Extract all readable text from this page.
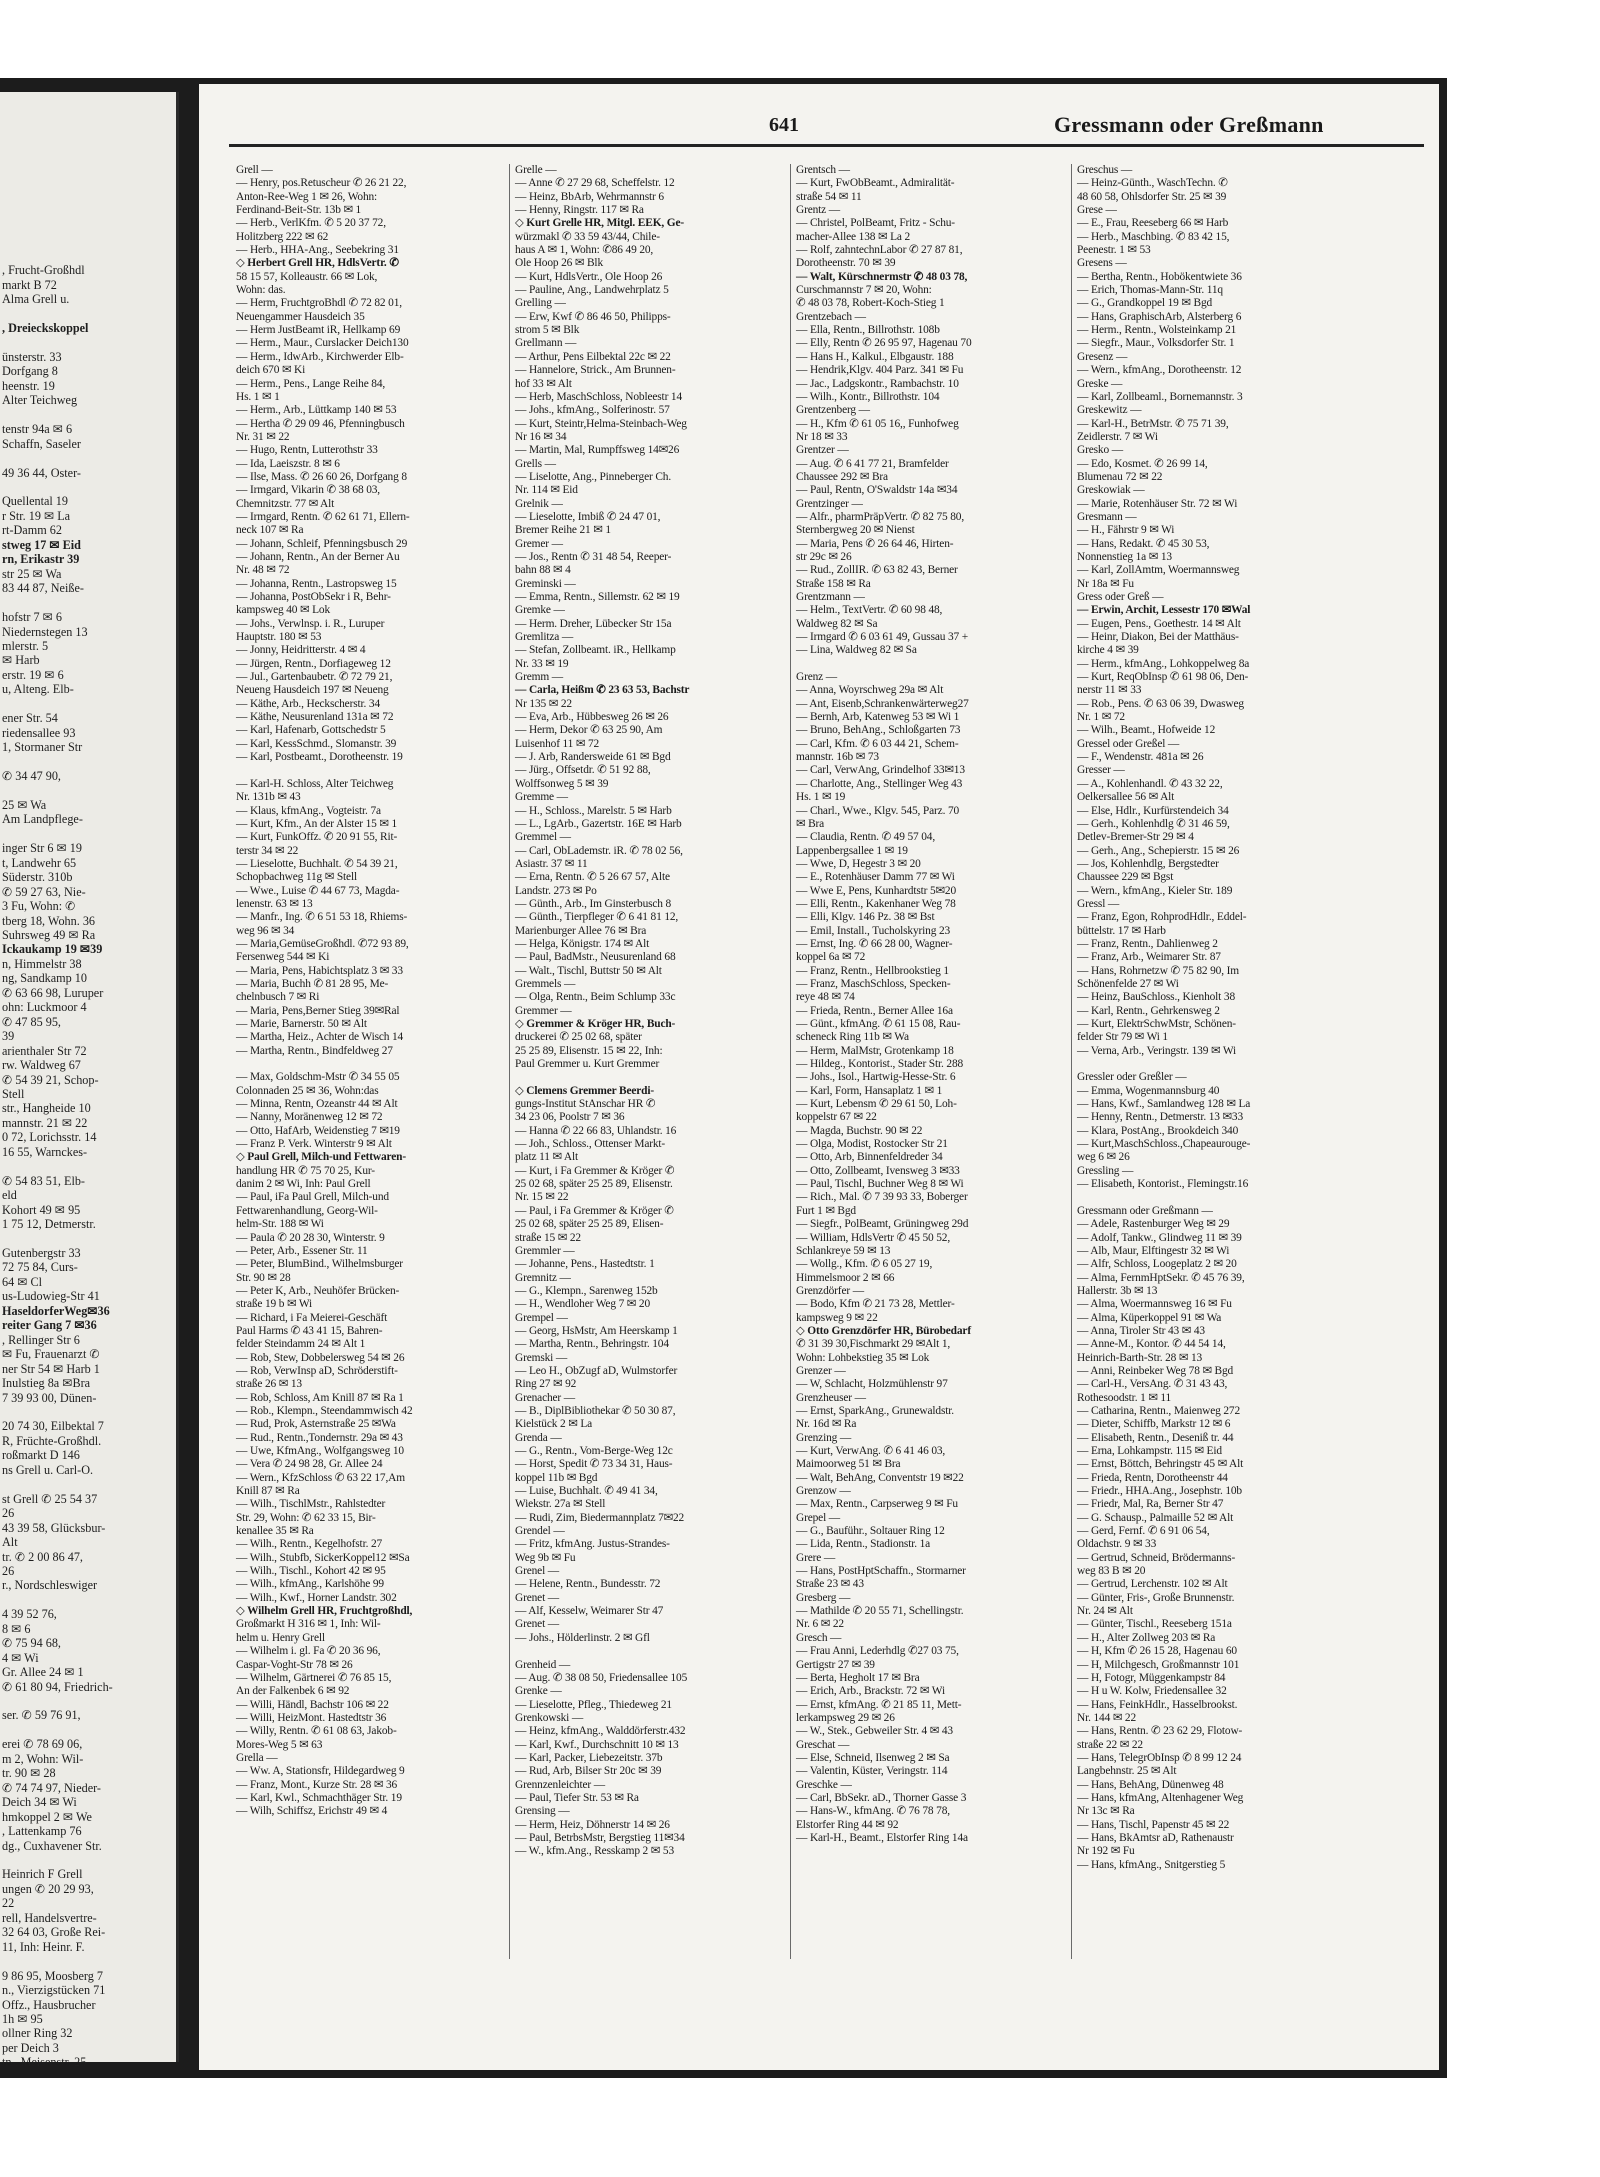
, Frucht-Großhdl
markt B 72
Alma Grell u.

, Dreieckskoppel

ünsterstr. 33
Dorfgang 8
heenstr. 19
Alter Teichweg

tenstr 94a ✉ 6
Schaffn, Saseler

49 36 44, Oster-

Quellental 19
r Str. 19 ✉ La
rt-Damm 62
stweg 17 ✉ Eid
rn, Erikastr 39
str 25 ✉ Wa
83 44 87, Neiße-

hofstr 7 ✉ 6
Niedernstegen 13
mlerstr. 5
✉ Harb
erstr. 19 ✉ 6
u, Alteng. Elb-

ener Str. 54
riedensallee 93
1, Stormaner Str

✆ 34 47 90,

25 ✉ Wa
Am Landpflege-

inger Str 6 ✉ 19
t, Landwehr 65
Süderstr. 310b
✆ 59 27 63, Nie-
3 Fu, Wohn: ✆
tberg 18, Wohn. 36
Suhrsweg 49 ✉ Ra
Ickaukamp 19 ✉39
n, Himmelstr 38
ng, Sandkamp 10
✆ 63 66 98, Luruper
ohn: Luckmoor 4
✆ 47 85 95,
39
arienthaler Str 72
rw. Waldweg 67
✆ 54 39 21, Schop-
Stell
str., Hangheide 10
mannstr. 21 ✉ 22
0 72, Lorichsstr. 14
16 55, Warnckes-

✆ 54 83 51, Elb-
eld
Kohort 49 ✉ 95
1 75 12, Detmerstr.

Gutenbergstr 33
72 75 84, Curs-
64 ✉ Cl
us-Ludowieg-Str 41
HaseldorferWeg✉36
reiter Gang 7 ✉36
, Rellinger Str 6
✉ Fu, Frauenarzt ✆
ner Str 54 ✉ Harb 1
Inulstieg 8a ✉Bra
7 39 93 00, Dünen-

20 74 30, Eilbektal 7
R, Früchte-Großhdl.
roßmarkt D 146
ns Grell u. Carl-O.

st Grell ✆ 25 54 37
26
43 39 58, Glücksbur-
Alt
tr. ✆ 2 00 86 47,
26
r., Nordschleswiger

4 39 52 76,
8 ✉ 6
✆ 75 94 68,
4 ✉ Wi
Gr. Allee 24 ✉ 1
✆ 61 80 94, Friedrich-

ser. ✆ 59 76 91,

erei ✆ 78 69 06,
m 2, Wohn: Wil-
tr. 90 ✉ 28
✆ 74 74 97, Nieder-
Deich 34 ✉ Wi
hmkoppel 2 ✉ We
, Lattenkamp 76
dg., Cuxhavener Str.

Heinrich F Grell
ungen ✆ 20 29 93,
22
rell, Handelsvertre-
32 64 03, Große Rei-
11, Inh: Heinr. F.

9 86 95, Moosberg 7
n., Vierzigstücken 71
Offz., Hausbrucher
1h ✉ 95
ollner Ring 32
per Deich 3
tn., Meisenstr. 25
641	Gressmann oder Greßmann
Grell —
— Henry, pos.Retuscheur ✆ 26 21 22,
Anton-Ree-Weg 1 ✉ 26, Wohn:
Ferdinand-Beit-Str. 13b ✉ 1
— Herb., VerlKfm. ✆ 5 20 37 72,
Holitzberg 222 ✉ 62
— Herb., HHA-Ang., Seebekring 31
◇ Herbert Grell HR, HdlsVertr. ✆
58 15 57, Kolleaustr. 66 ✉ Lok,
Wohn: das.
— Herm, FruchtgroBhdl ✆ 72 82 01,
Neuengammer Hausdeich 35
— Herm JustBeamt iR, Hellkamp 69
— Herm., Maur., Curslacker Deich130
— Herm., IdwArb., Kirchwerder Elb-
deich 670 ✉ Ki
— Herm., Pens., Lange Reihe 84,
Hs. 1 ✉ 1
— Herm., Arb., Lüttkamp 140 ✉ 53
— Hertha ✆ 29 09 46, Pfenningbusch
Nr. 31 ✉ 22
— Hugo, Rentn, Lutterothstr 33
— Ida, Laeiszstr. 8 ✉ 6
— Ilse, Mass. ✆ 26 60 26, Dorfgang 8
— Irmgard, Vikarin ✆ 38 68 03,
Chemnitzstr. 77 ✉ Alt
— Irmgard, Rentn. ✆ 62 61 71, Ellern-
neck 107 ✉ Ra
— Johann, Schleif, Pfenningsbusch 29
— Johann, Rentn., An der Berner Au
Nr. 48 ✉ 72
— Johanna, Rentn., Lastropsweg 15
— Johanna, PostObSekr i R, Behr-
kampsweg 40 ✉ Lok
— Johs., Verwlnsp. i. R., Luruper
Hauptstr. 180 ✉ 53
— Jonny, Heidritterstr. 4 ✉ 4
— Jürgen, Rentn., Dorfiageweg 12
— Jul., Gartenbaubetr. ✆ 72 79 21,
Neueng Hausdeich 197 ✉ Neueng
— Käthe, Arb., Heckscherstr. 34
— Käthe, Neusurenland 131a ✉ 72
— Karl, Hafenarb, Gottschedstr 5
— Karl, KessSchmd., Slomanstr. 39
— Karl, Postbeamt., Dorotheenstr. 19

— Karl-H. Schloss, Alter Teichweg
Nr. 131b ✉ 43
— Klaus, kfmAng., Vogteistr. 7a
— Kurt, Kfm., An der Alster 15 ✉ 1
— Kurt, FunkOffz. ✆ 20 91 55, Rit-
terstr 34 ✉ 22
— Lieselotte, Buchhalt. ✆ 54 39 21,
Schopbachweg 11g ✉ Stell
— Wwe., Luise ✆ 44 67 73, Magda-
lenenstr. 63 ✉ 13
— Manfr., Ing. ✆ 6 51 53 18, Rhiems-
weg 96 ✉ 34
— Maria,GemüseGroßhdl. ✆72 93 89,
Fersenweg 544 ✉ Ki
— Maria, Pens, Habichtsplatz 3 ✉ 33
— Maria, Buchh ✆ 81 28 95, Me-
chelnbusch 7 ✉ Ri
— Maria, Pens,Berner Stieg 39✉Ral
— Marie, Barnerstr. 50 ✉ Alt
— Martha, Heiz., Achter de Wisch 14
— Martha, Rentn., Bindfeldweg 27

— Max, Goldschm-Mstr ✆ 34 55 05
Colonnaden 25 ✉ 36, Wohn:das
— Minna, Rentn, Ozeanstr 44 ✉ Alt
— Nanny, Moränenweg 12 ✉ 72
— Otto, HafArb, Weidenstieg 7 ✉19
— Franz P. Verk. Winterstr 9 ✉ Alt
◇ Paul Grell, Milch-und Fettwaren-
handlung HR ✆ 75 70 25, Kur-
danim 2 ✉ Wi, Inh: Paul Grell
— Paul, iFa Paul Grell, Milch-und
Fettwarenhandlung, Georg-Wil-
helm-Str. 188 ✉ Wi
— Paula ✆ 20 28 30, Winterstr. 9
— Peter, Arb., Essener Str. 11
— Peter, BlumBind., Wilhelmsburger
Str. 90 ✉ 28
— Peter K, Arb., Neuhöfer Brücken-
straße 19 b ✉ Wi
— Richard, i Fa Meierei-Geschäft
Paul Harms ✆ 43 41 15, Bahren-
felder Steindamm 24 ✉ Alt 1
— Rob, Stew, Dobbelersweg 54 ✉ 26
— Rob, VerwInsp aD, Schröderstift-
straße 26 ✉ 13
— Rob, Schloss, Am Knill 87 ✉ Ra 1
— Rob., Klempn., Steendammwisch 42
— Rud, Prok, Asternstraße 25 ✉Wa
— Rud., Rentn.,Tondernstr. 29a ✉ 43
— Uwe, KfmAng., Wolfgangsweg 10
— Vera ✆ 24 98 28, Gr. Allee 24
— Wern., KfzSchloss ✆ 63 22 17,Am
Knill 87 ✉ Ra
— Wilh., TischlMstr., Rahlstedter
Str. 29, Wohn: ✆ 62 33 15, Bir-
kenallee 35 ✉ Ra
— Wilh., Rentn., Kegelhofstr. 27
— Wilh., Stubfb, SickerKoppel12 ✉Sa
— Wilh., Tischl., Kohort 42 ✉ 95
— Wilh., kfmAng., Karlshöhe 99
— Wilh., Kwf., Horner Landstr. 302
◇ Wilhelm Grell HR, Fruchtgroßhdl,
Großmarkt H 316 ✉ 1, Inh: Wil-
helm u. Henry Grell
— Wilhelm i. gl. Fa ✆ 20 36 96,
Caspar-Voght-Str 78 ✉ 26
— Wilhelm, Gärtnerei ✆ 76 85 15,
An der Falkenbek 6 ✉ 92
— Willi, Händl, Bachstr 106 ✉ 22
— Willi, HeizMont. Hastedtstr 36
— Willy, Rentn. ✆ 61 08 63, Jakob-
Mores-Weg 5 ✉ 63
Grella —
— Ww. A, Stationsfr, Hildegardweg 9
— Franz, Mont., Kurze Str. 28 ✉ 36
— Karl, Kwl., Schmachthäger Str. 19
— Wilh, Schiffsz, Erichstr 49 ✉ 4
Grelle —
— Anne ✆ 27 29 68, Scheffelstr. 12
— Heinz, BbArb, Wehrmannstr 6
— Henny, Ringstr. 117 ✉ Ra
◇ Kurt Grelle HR, Mitgl. EEK, Ge-
würzmakl ✆ 33 59 43/44, Chile-
haus A ✉ 1, Wohn: ✆86 49 20,
Ole Hoop 26 ✉ Blk
— Kurt, HdlsVertr., Ole Hoop 26
— Pauline, Ang., Landwehrplatz 5
Grelling —
— Erw, Kwf ✆ 86 46 50, Philipps-
strom 5 ✉ Blk
Grellmann —
— Arthur, Pens Eilbektal 22c ✉ 22
— Hannelore, Strick., Am Brunnen-
hof 33 ✉ Alt
— Herb, MaschSchloss, Nobleestr 14
— Johs., kfmAng., Solferinostr. 57
— Kurt, Steintr,Helma-Steinbach-Weg
Nr 16 ✉ 34
— Martin, Mal, Rumpffsweg 14✉26
Grells —
— Liselotte, Ang., Pinneberger Ch.
Nr. 114 ✉ Eid
Grelnik —
— Lieselotte, Imbiß ✆ 24 47 01,
Bremer Reihe 21 ✉ 1
Gremer —
— Jos., Rentn ✆ 31 48 54, Reeper-
bahn 88 ✉ 4
Greminski —
— Emma, Rentn., Sillemstr. 62 ✉ 19
Gremke —
— Herm. Dreher, Lübecker Str 15a
Gremlitza —
— Stefan, Zollbeamt. iR., Hellkamp
Nr. 33 ✉ 19
Gremm —
— Carla, Heißm ✆ 23 63 53, Bachstr
Nr 135 ✉ 22
— Eva, Arb., Hübbesweg 26 ✉ 26
— Herm, Dekor ✆ 63 25 90, Am
Luisenhof 11 ✉ 72
— J. Arb, Randersweide 61 ✉ Bgd
— Jürg., Offsetdr. ✆ 51 92 88,
Wolffsonweg 5 ✉ 39
Gremme —
— H., Schloss., Marelstr. 5 ✉ Harb
— L., LgArb., Gazertstr. 16E ✉ Harb
Gremmel —
— Carl, ObLademstr. iR. ✆ 78 02 56,
Asiastr. 37 ✉ 11
— Erna, Rentn. ✆ 5 26 67 57, Alte
Landstr. 273 ✉ Po
— Günth., Arb., Im Ginsterbusch 8
— Günth., Tierpfleger ✆ 6 41 81 12,
Marienburger Allee 76 ✉ Bra
— Helga, Königstr. 174 ✉ Alt
— Paul, BadMstr., Neusurenland 68
— Walt., Tischl, Buttstr 50 ✉ Alt
Gremmels —
— Olga, Rentn., Beim Schlump 33c
Gremmer —
◇ Gremmer & Kröger HR, Buch-
druckerei ✆ 25 02 68, später
25 25 89, Elisenstr. 15 ✉ 22, Inh:
Paul Gremmer u. Kurt Gremmer

◇ Clemens Gremmer Beerdi-
gungs-Institut StAnschar HR ✆
34 23 06, Poolstr 7 ✉ 36
— Hanna ✆ 22 66 83, Uhlandstr. 16
— Joh., Schloss., Ottenser Markt-
platz 11 ✉ Alt
— Kurt, i Fa Gremmer & Kröger ✆
25 02 68, später 25 25 89, Elisenstr.
Nr. 15 ✉ 22
— Paul, i Fa Gremmer & Kröger ✆
25 02 68, später 25 25 89, Elisen-
straße 15 ✉ 22
Gremmler —
— Johanne, Pens., Hastedtstr. 1
Gremnitz —
— G., Klempn., Sarenweg 152b
— H., Wendloher Weg 7 ✉ 20
Grempel —
— Georg, HsMstr, Am Heerskamp 1
— Martha, Rentn., Behringstr. 104
Gremski —
— Leo H., ObZugf aD, Wulmstorfer
Ring 27 ✉ 92
Grenacher —
— B., DiplBibliothekar ✆ 50 30 87,
Kielstück 2 ✉ La
Grenda —
— G., Rentn., Vom-Berge-Weg 12c
— Horst, Spedit ✆ 73 34 31, Haus-
koppel 11b ✉ Bgd
— Luise, Buchhalt. ✆ 49 41 34,
Wiekstr. 27a ✉ Stell
— Rudi, Zim, Biedermannplatz 7✉22
Grendel —
— Fritz, kfmAng. Justus-Strandes-
Weg 9b ✉ Fu
Grenel —
— Helene, Rentn., Bundesstr. 72
Grenet —
— Alf, Kesselw, Weimarer Str 47
Grenet —
— Johs., Hölderlinstr. 2 ✉ Gfl

Grenheid —
— Aug. ✆ 38 08 50, Friedensallee 105
Grenke —
— Lieselotte, Pfleg., Thiedeweg 21
Grenkowski —
— Heinz, kfmAng., Walddörferstr.432
— Karl, Kwf., Durchschnitt 10 ✉ 13
— Karl, Packer, Liebezeitstr. 37b
— Rud, Arb, Bilser Str 20c ✉ 39
Grennzenleichter —
— Paul, Tiefer Str. 53 ✉ Ra
Grensing —
— Herm, Heiz, Döhnerstr 14 ✉ 26
— Paul, BetrbsMstr, Bergstieg 11✉34
— W., kfm.Ang., Resskamp 2 ✉ 53
Grentsch —
— Kurt, FwObBeamt., Admiralität-
straße 54 ✉ 11
Grentz —
— Christel, PolBeamt, Fritz - Schu-
macher-Allee 138 ✉ La 2
— Rolf, zahntechnLabor ✆ 27 87 81,
Dorotheenstr. 70 ✉ 39
— Walt, Kürschnermstr ✆ 48 03 78,
Curschmannstr 7 ✉ 20, Wohn:
✆ 48 03 78, Robert-Koch-Stieg 1
Grentzebach —
— Ella, Rentn., Billrothstr. 108b
— Elly, Rentn ✆ 26 95 97, Hagenau 70
— Hans H., Kalkul., Elbgaustr. 188
— Hendrik,Klgv. 404 Parz. 341 ✉ Fu
— Jac., Ladgskontr., Rambachstr. 10
— Wilh., Kontr., Billrothstr. 104
Grentzenberg —
— H., Kfm ✆ 61 05 16,, Funhofweg
Nr 18 ✉ 33
Grentzer —
— Aug. ✆ 6 41 77 21, Bramfelder
Chaussee 292 ✉ Bra
— Paul, Rentn, O'Swaldstr 14a ✉34
Grentzinger —
— Alfr., pharmPräpVertr. ✆ 82 75 80,
Sternbergweg 20 ✉ Nienst
— Maria, Pens ✆ 26 64 46, Hirten-
str 29c ✉ 26
— Rud., ZollIR. ✆ 63 82 43, Berner
Straße 158 ✉ Ra
Grentzmann —
— Helm., TextVertr. ✆ 60 98 48,
Waldweg 82 ✉ Sa
— Irmgard ✆ 6 03 61 49, Gussau 37 +
— Lina, Waldweg 82 ✉ Sa

Grenz —
— Anna, Woyrschweg 29a ✉ Alt
— Ant, Eisenb,Schrankenwärterweg27
— Bernh, Arb, Katenweg 53 ✉ Wi 1
— Bruno, BehAng., Schloßgarten 73
— Carl, Kfm. ✆ 6 03 44 21, Schem-
mannstr. 16b ✉ 73
— Carl, VerwAng, Grindelhof 33✉13
— Charlotte, Ang., Stellinger Weg 43
Hs. 1 ✉ 19
— Charl., Wwe., Klgv. 545, Parz. 70
✉ Bra
— Claudia, Rentn. ✆ 49 57 04,
Lappenbergsallee 1 ✉ 19
— Wwe, D, Hegestr 3 ✉ 20
— E., Rotenhäuser Damm 77 ✉ Wi
— Wwe E, Pens, Kunhardtstr 5✉20
— Elli, Rentn., Kakenhaner Weg 78
— Elli, Klgv. 146 Pz. 38 ✉ Bst
— Emil, Install., Tucholskyring 23
— Ernst, Ing. ✆ 66 28 00, Wagner-
koppel 6a ✉ 72
— Franz, Rentn., Hellbrookstieg 1
— Franz, MaschSchloss, Specken-
reye 48 ✉ 74
— Frieda, Rentn., Berner Allee 16a
— Günt., kfmAng. ✆ 61 15 08, Rau-
scheneck Ring 11b ✉ Wa
— Herm, MalMstr, Grotenkamp 18
— Hildeg., Kontorist., Stader Str. 288
— Johs., Isol., Hartwig-Hesse-Str. 6
— Karl, Form, Hansaplatz 1 ✉ 1
— Kurt, Lebensm ✆ 29 61 50, Loh-
koppelstr 67 ✉ 22
— Magda, Buchstr. 90 ✉ 22
— Olga, Modist, Rostocker Str 21
— Otto, Arb, Binnenfeldreder 34
— Otto, Zollbeamt, Ivensweg 3 ✉33
— Paul, Tischl, Buchner Weg 8 ✉ Wi
— Rich., Mal. ✆ 7 39 93 33, Boberger
Furt 1 ✉ Bgd
— Siegfr., PolBeamt, Grüningweg 29d
— William, HdlsVertr ✆ 45 50 52,
Schlankreye 59 ✉ 13
— Wollg., Kfm. ✆ 6 05 27 19,
Himmelsmoor 2 ✉ 66
Grenzdörfer —
— Bodo, Kfm ✆ 21 73 28, Mettler-
kampsweg 9 ✉ 22
◇ Otto Grenzdörfer HR, Bürobedarf
✆ 31 39 30,Fischmarkt 29 ✉Alt 1,
Wohn: Lohbekstieg 35 ✉ Lok
Grenzer —
— W, Schlacht, Holzmühlenstr 97
Grenzheuser —
— Ernst, SparkAng., Grunewaldstr.
Nr. 16d ✉ Ra
Grenzing —
— Kurt, VerwAng. ✆ 6 41 46 03,
Maimoorweg 51 ✉ Bra
— Walt, BehAng, Conventstr 19 ✉22
Grenzow —
— Max, Rentn., Carpserweg 9 ✉ Fu
Grepel —
— G., Bauführ., Soltauer Ring 12
— Lida, Rentn., Stadionstr. 1a
Grere —
— Hans, PostHptSchaffn., Stormarner
Straße 23 ✉ 43
Gresberg —
— Mathilde ✆ 20 55 71, Schellingstr.
Nr. 6 ✉ 22
Gresch —
— Frau Anni, Lederhdlg ✆27 03 75,
Gertigstr 27 ✉ 39
— Berta, Hegholt 17 ✉ Bra
— Erich, Arb., Brackstr. 72 ✉ Wi
— Ernst, kfmAng. ✆ 21 85 11, Mett-
lerkampsweg 29 ✉ 26
— W., Stek., Gebweiler Str. 4 ✉ 43
Greschat —
— Else, Schneid, Ilsenweg 2 ✉ Sa
— Valentin, Küster, Veringstr. 114
Greschke —
— Carl, BbSekr. aD., Thorner Gasse 3
— Hans-W., kfmAng. ✆ 76 78 78,
Elstorfer Ring 44 ✉ 92
— Karl-H., Beamt., Elstorfer Ring 14a
Greschus —
— Heinz-Günth., WaschTechn. ✆
48 60 58, Ohlsdorfer Str. 25 ✉ 39
Grese —
— E., Frau, Reeseberg 66 ✉ Harb
— Herb., Maschbing. ✆ 83 42 15,
Peenestr. 1 ✉ 53
Gresens —
— Bertha, Rentn., Hobökentwiete 36
— Erich, Thomas-Mann-Str. 11q
— G., Grandkoppel 19 ✉ Bgd
— Hans, GraphischArb, Alsterberg 6
— Herm., Rentn., Wolsteinkamp 21
— Siegfr., Maur., Volksdorfer Str. 1
Gresenz —
— Wern., kfmAng., Dorotheenstr. 12
Greske —
— Karl, Zollbeaml., Bornemannstr. 3
Greskewitz —
— Karl-H., BetrMstr. ✆ 75 71 39,
Zeidlerstr. 7 ✉ Wi
Gresko —
— Edo, Kosmet. ✆ 26 99 14,
Blumenau 72 ✉ 22
Greskowiak —
— Marie, Rotenhäuser Str. 72 ✉ Wi
Gresmann —
— H., Fährstr 9 ✉ Wi
— Hans, Redakt. ✆ 45 30 53,
Nonnenstieg 1a ✉ 13
— Karl, ZollAmtm, Woermannsweg
Nr 18a ✉ Fu
Gress oder Greß —
— Erwin, Archit, Lessestr 170 ✉Wal
— Eugen, Pens., Goethestr. 14 ✉ Alt
— Heinr, Diakon, Bei der Matthäus-
kirche 4 ✉ 39
— Herm., kfmAng., Lohkoppelweg 8a
— Kurt, ReqObInsp ✆ 61 98 06, Den-
nerstr 11 ✉ 33
— Rob., Pens. ✆ 63 06 39, Dwasweg
Nr. 1 ✉ 72
— Wilh., Beamt., Hofweide 12
Gressel oder Greßel —
— F., Wendenstr. 481a ✉ 26
Gresser —
— A., Kohlenhandl. ✆ 43 32 22,
Oelkersallee 56 ✉ Alt
— Else, Hdlr., Kurfürstendeich 34
— Gerh., Kohlenhdlg ✆ 31 46 59,
Detlev-Bremer-Str 29 ✉ 4
— Gerh., Ang., Schepierstr. 15 ✉ 26
— Jos, Kohlenhdlg, Bergstedter
Chaussee 229 ✉ Bgst
— Wern., kfmAng., Kieler Str. 189
Gressl —
— Franz, Egon, RohprodHdlr., Eddel-
büttelstr. 17 ✉ Harb
— Franz, Rentn., Dahlienweg 2
— Franz, Arb., Weimarer Str. 87
— Hans, Rohrnetzw ✆ 75 82 90, Im
Schönenfelde 27 ✉ Wi
— Heinz, BauSchloss., Kienholt 38
— Karl, Rentn., Gehrkensweg 2
— Kurt, ElektrSchwMstr, Schönen-
felder Str 79 ✉ Wi 1
— Verna, Arb., Veringstr. 139 ✉ Wi

Gressler oder Greßler —
— Emma, Wogenmannsburg 40
— Hans, Kwf., Samlandweg 128 ✉ La
— Henny, Rentn., Detmerstr. 13 ✉33
— Klara, PostAng., Brookdeich 340
— Kurt,MaschSchloss.,Chapeaurouge-
weg 6 ✉ 26
Gressling —
— Elisabeth, Kontorist., Flemingstr.16

Gressmann oder Greßmann —
— Adele, Rastenburger Weg ✉ 29
— Adolf, Tankw., Glindweg 11 ✉ 39
— Alb, Maur, Elftingestr 32 ✉ Wi
— Alfr, Schloss, Loogeplatz 2 ✉ 20
— Alma, FernmHptSekr. ✆ 45 76 39,
Hallerstr. 3b ✉ 13
— Alma, Woermannsweg 16 ✉ Fu
— Alma, Küperkoppel 91 ✉ Wa
— Anna, Tiroler Str 43 ✉ 43
— Anne-M., Kontor. ✆ 44 54 14,
Heinrich-Barth-Str. 28 ✉ 13
— Anni, Reinbeker Weg 78 ✉ Bgd
— Carl-H., VersAng. ✆ 31 43 43,
Rothesoodstr. 1 ✉ 11
— Catharina, Rentn., Maienweg 272
— Dieter, Schiffb, Markstr 12 ✉ 6
— Elisabeth, Rentn., Deseniß tr. 44
— Erna, Lohkampstr. 115 ✉ Eid
— Ernst, Böttch, Behringstr 45 ✉ Alt
— Frieda, Rentn, Dorotheenstr 44
— Friedr., HHA.Ang., Josephstr. 10b
— Friedr, Mal, Ra, Berner Str 47
— G. Schausp., Palmaille 52 ✉ Alt
— Gerd, Fernf. ✆ 6 91 06 54,
Oldachstr. 9 ✉ 33
— Gertrud, Schneid, Brödermanns-
weg 83 B ✉ 20
— Gertrud, Lerchenstr. 102 ✉ Alt
— Günter, Fris-, Große Brunnenstr.
Nr. 24 ✉ Alt
— Günter, Tischl., Reeseberg 151a
— H., Alter Zollweg 203 ✉ Ra
— H, Kfm ✆ 26 15 28, Hagenau 60
— H, Milchgesch, Großmannstr 101
— H, Fotogr, Müggenkampstr 84
— H u W. Kolw, Friedensallee 32
— Hans, FeinkHdlr., Hasselbrookst.
Nr. 144 ✉ 22
— Hans, Rentn. ✆ 23 62 29, Flotow-
straße 22 ✉ 22
— Hans, TelegrObInsp ✆ 8 99 12 24
Langbehnstr. 25 ✉ Alt
— Hans, BehAng, Dünenweg 48
— Hans, kfmAng, Altenhagener Weg
Nr 13c ✉ Ra
— Hans, Tischl, Papenstr 45 ✉ 22
— Hans, BkAmtsr aD, Rathenaustr
Nr 192 ✉ Fu
— Hans, kfmAng., Snitgerstieg 5
